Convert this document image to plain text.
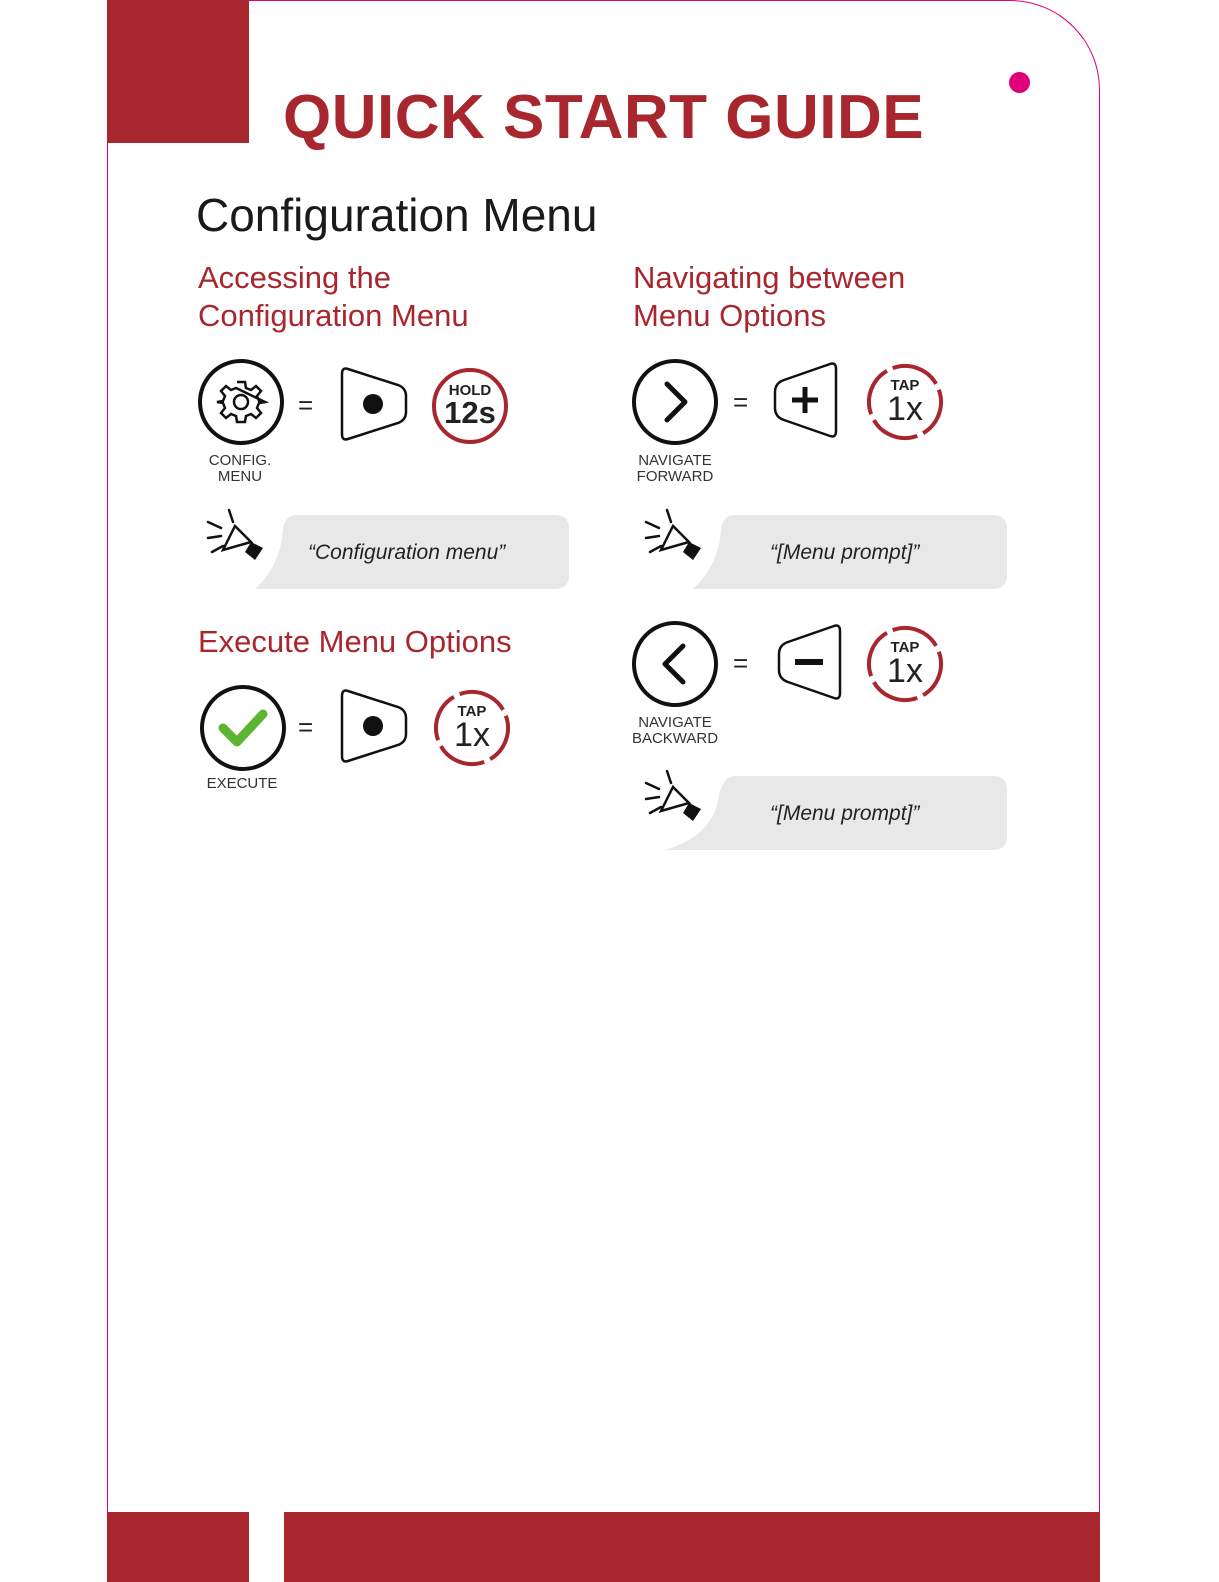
QUICK START GUIDE
Configuration Menu
Accessing the
Configuration Menu
CONFIG.
MENU
=	HOLD
12s
“Configuration menu”
Execute Menu Options
EXECUTE
=
TAP
1x
Navigating between
Menu Options
NAVIGATE
FORWARD
=
TAP
1x
“[Menu prompt]”
NAVIGATE
BACKWARD
=
TAP
1x
“[Menu prompt]”
